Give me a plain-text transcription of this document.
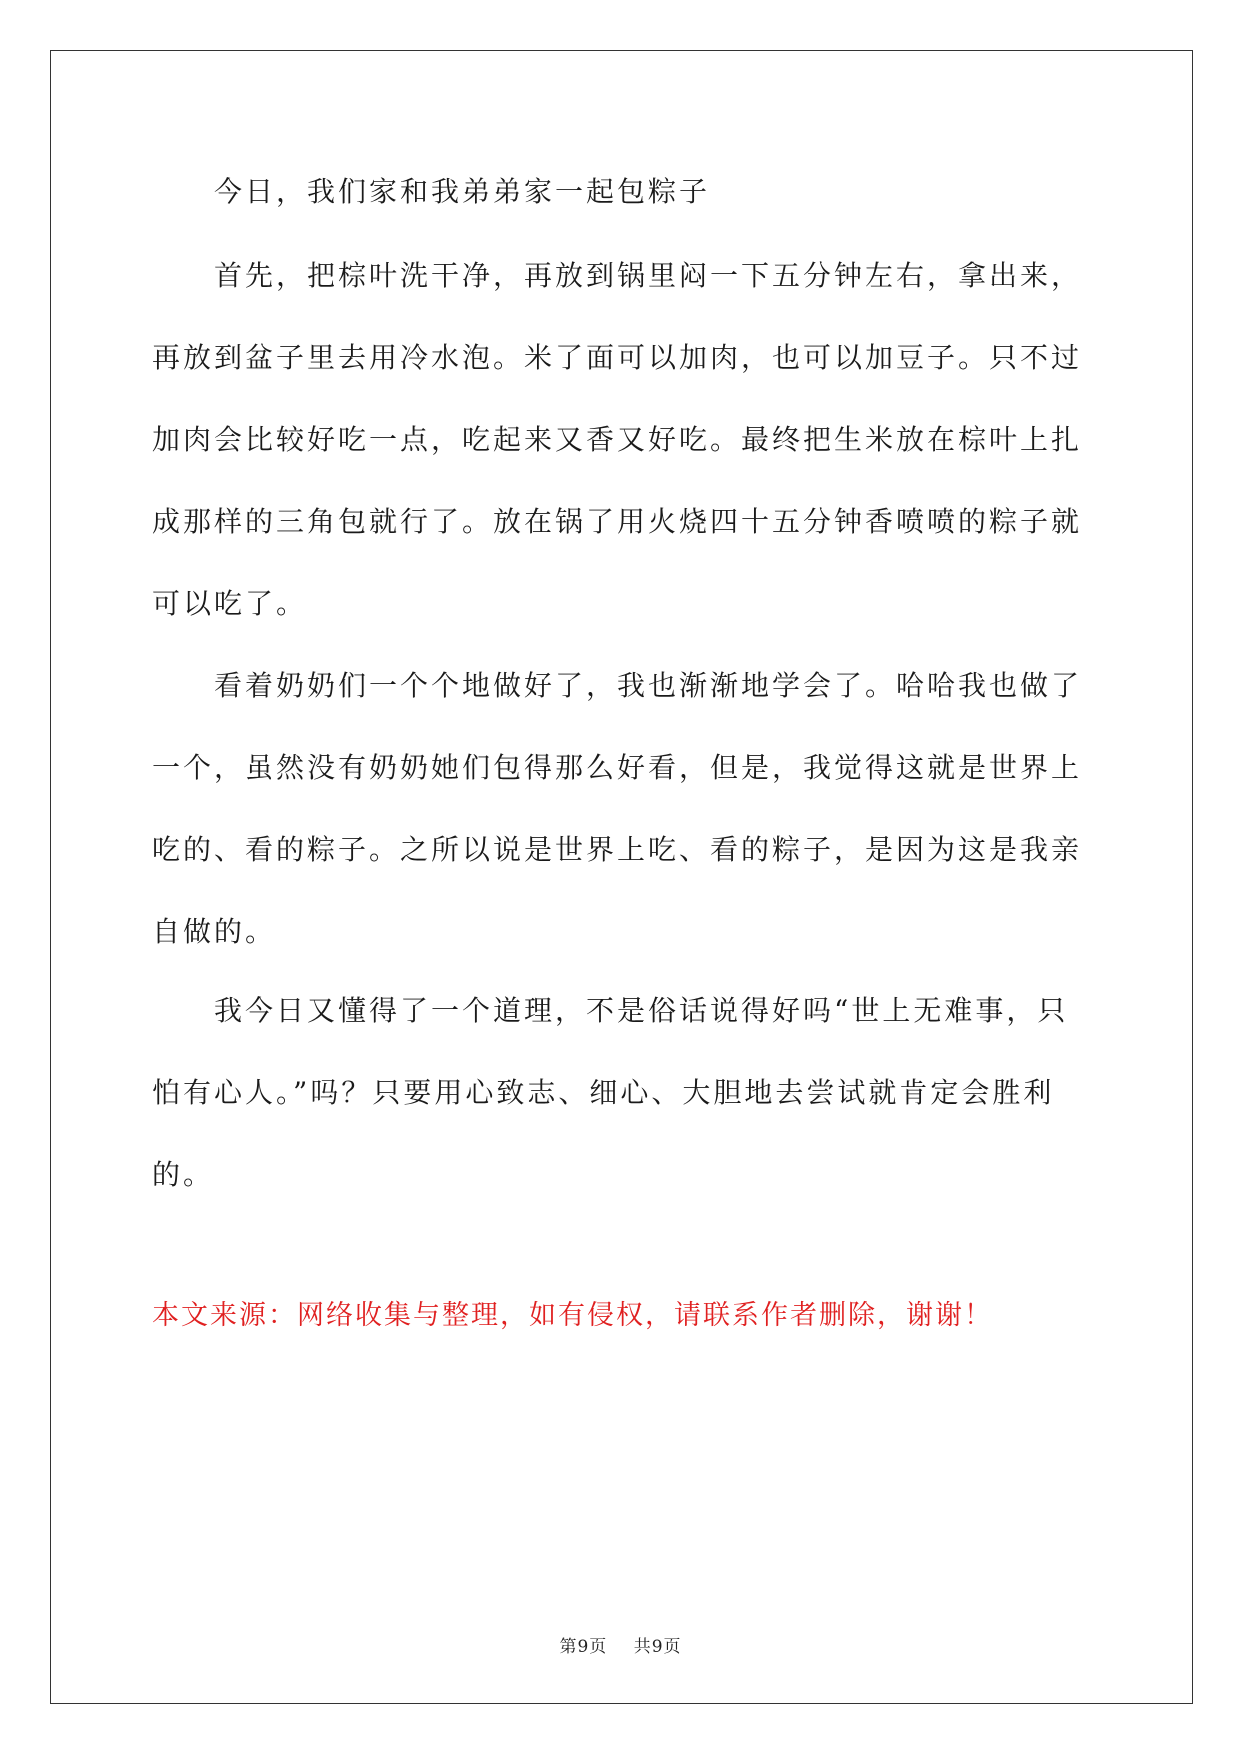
今日，我们家和我弟弟家一起包粽子
首先，把棕叶洗干净，再放到锅里闷一下五分钟左右，拿出来，
再放到盆子里去用冷水泡。米了面可以加肉，也可以加豆子。只不过
加肉会比较好吃一点，吃起来又香又好吃。最终把生米放在棕叶上扎
成那样的三角包就行了。放在锅了用火烧四十五分钟香喷喷的粽子就
可以吃了。
看着奶奶们一个个地做好了，我也渐渐地学会了。哈哈我也做了
一个，虽然没有奶奶她们包得那么好看，但是，我觉得这就是世界上
吃的、看的粽子。之所以说是世界上吃、看的粽子，是因为这是我亲
自做的。
我今日又懂得了一个道理，不是俗话说得好吗“世上无难事，只
怕有心人。”吗？只要用心致志、细心、大胆地去尝试就肯定会胜利
的。
本文来源：网络收集与整理，如有侵权，请联系作者删除，谢谢！
第9页 共9页
